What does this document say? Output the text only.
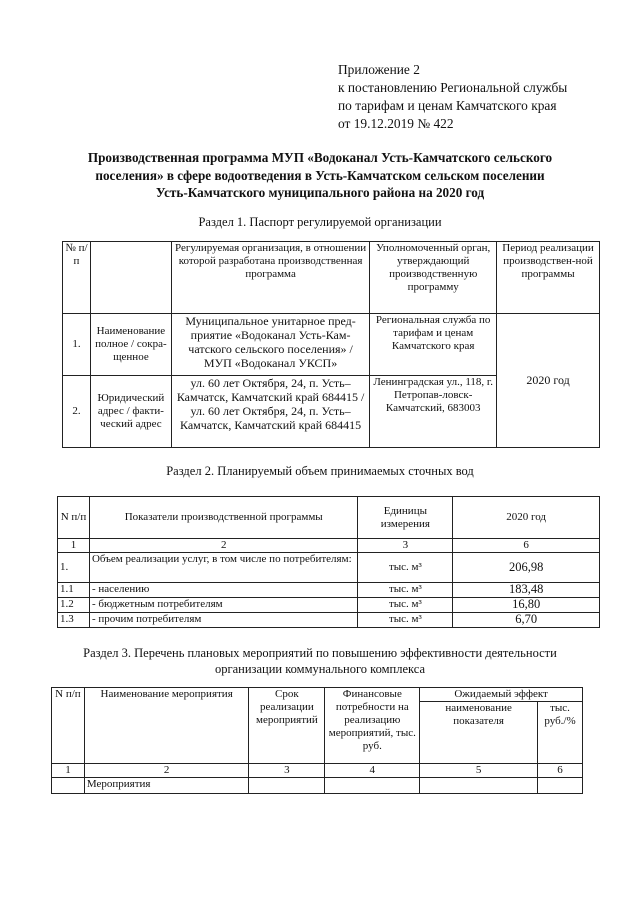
Приложение 2
к постановлению Региональной службы
по тарифам и ценам Камчатского края
от 19.12.2019 № 422
Производственная программа МУП «Водоканал Усть-Камчатского сельского
поселения» в сфере водоотведения в Усть-Камчатском сельском поселении
Усть-Камчатского муниципального района на 2020 год
Раздел 1. Паспорт регулируемой организации
№ п/п		Регулируемая организация, в отношении которой разработана производственная программа	Уполномоченный орган, утверждающий производственную программу	Период реализации производствен-ной программы
1.	Наименование полное / сокра-щенное	Муниципальное унитарное пред-приятие «Водоканал Усть-Кам-чатского сельского поселения» / МУП «Водоканал УКСП»	Региональная служба по тарифам и ценам Камчатского края	2020 год
2.	Юридический адрес / факти-ческий адрес	ул. 60 лет Октября, 24, п. Усть–Камчатск, Камчатский край 684415 / ул. 60 лет Октября, 24, п. Усть–Камчатск, Камчатский край 684415	Ленинградская ул., 118, г. Петропав-ловск-Камчатский, 683003	
Раздел 2. Планируемый объем принимаемых сточных вод
N п/п	Показатели производственной программы	Единицы измерения	2020 год
1	2	3	6
1.	Объем реализации услуг, в том числе по потребителям:	тыс. м³	206,98
1.1	- населению	тыс. м³	183,48
1.2	- бюджетным потребителям	тыс. м³	16,80
1.3	- прочим потребителям	тыс. м³	6,70
Раздел 3. Перечень плановых мероприятий по повышению эффективности деятельности
организации коммунального комплекса
N п/п	Наименование мероприятия	Срок реализации мероприятий	Финансовые потребности на реализацию мероприятий, тыс. руб.	Ожидаемый эффект	
				наименование показателя	тыс. руб./%
1	2	3	4	5	6
	Мероприятия				
